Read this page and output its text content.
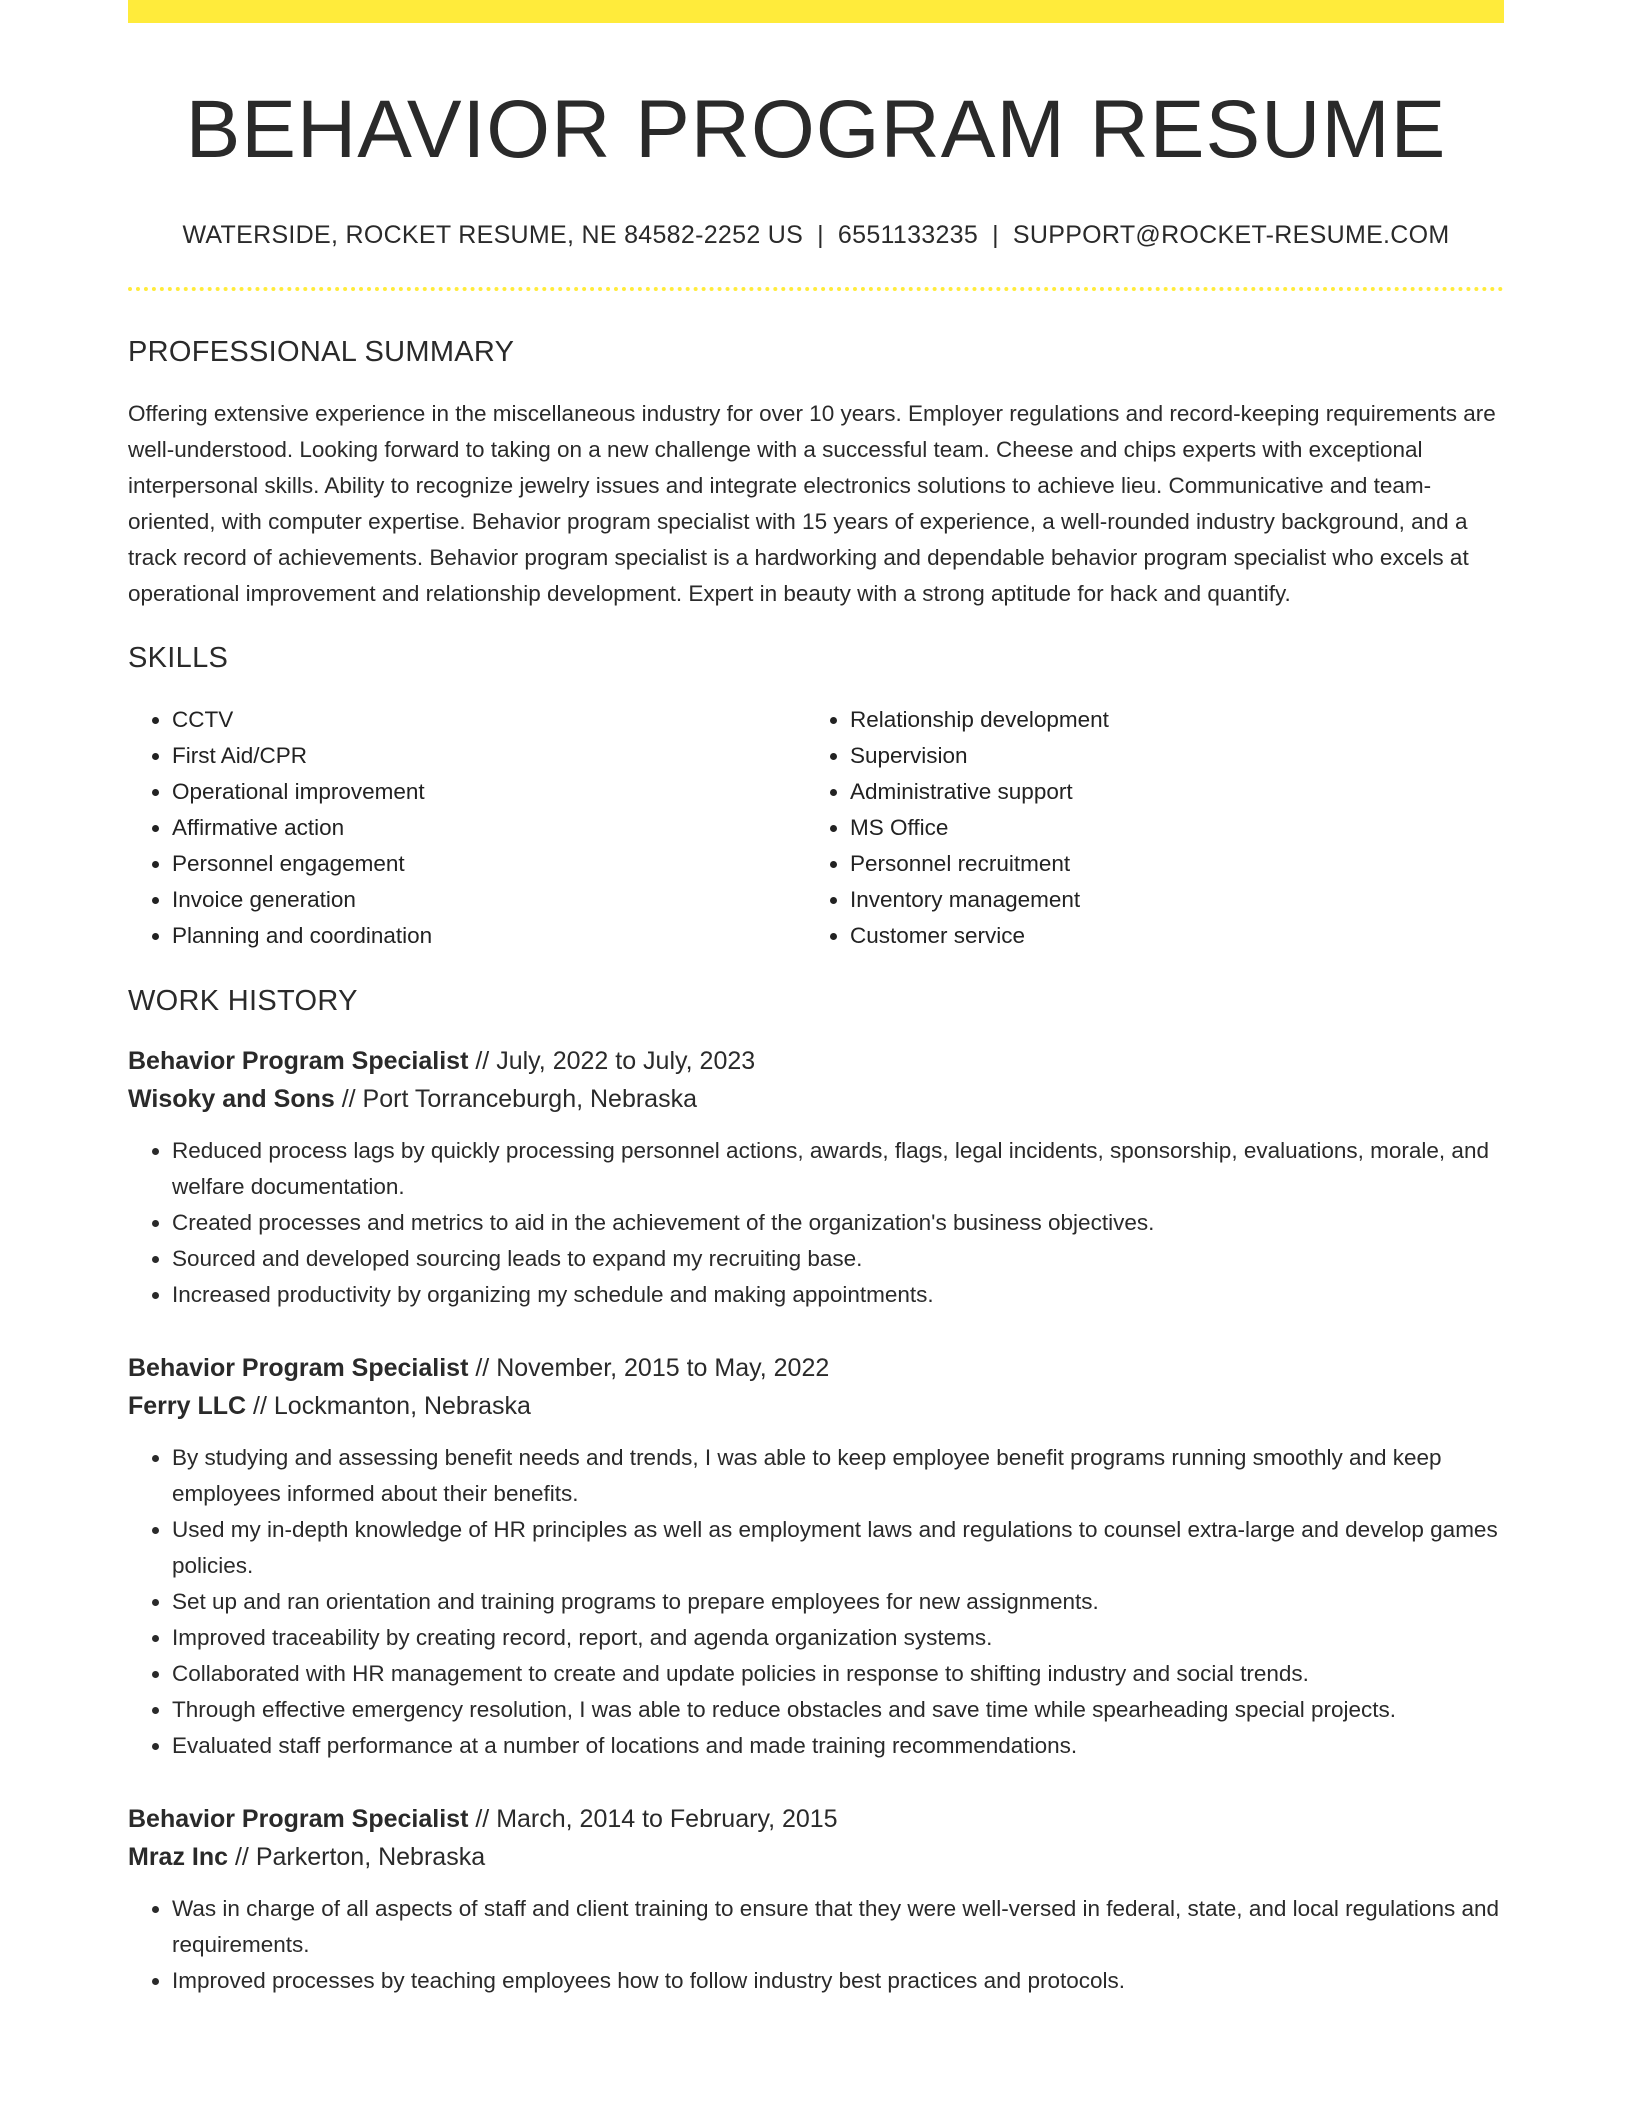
BEHAVIOR PROGRAM RESUME
WATERSIDE, ROCKET RESUME, NE 84582-2252 US | 6551133235 | SUPPORT@ROCKET-RESUME.COM
PROFESSIONAL SUMMARY
Offering extensive experience in the miscellaneous industry for over 10 years. Employer regulations and record-keeping requirements are well-understood. Looking forward to taking on a new challenge with a successful team. Cheese and chips experts with exceptional interpersonal skills. Ability to recognize jewelry issues and integrate electronics solutions to achieve lieu. Communicative and team-oriented, with computer expertise. Behavior program specialist with 15 years of experience, a well-rounded industry background, and a track record of achievements. Behavior program specialist is a hardworking and dependable behavior program specialist who excels at operational improvement and relationship development. Expert in beauty with a strong aptitude for hack and quantify.
SKILLS
• CCTV
• First Aid/CPR
• Operational improvement
• Affirmative action
• Personnel engagement
• Invoice generation
• Planning and coordination
• Relationship development
• Supervision
• Administrative support
• MS Office
• Personnel recruitment
• Inventory management
• Customer service
WORK HISTORY
Behavior Program Specialist // July, 2022 to July, 2023
Wisoky and Sons // Port Torranceburgh, Nebraska
• Reduced process lags by quickly processing personnel actions, awards, flags, legal incidents, sponsorship, evaluations, morale, and welfare documentation.
• Created processes and metrics to aid in the achievement of the organization's business objectives.
• Sourced and developed sourcing leads to expand my recruiting base.
• Increased productivity by organizing my schedule and making appointments.
Behavior Program Specialist // November, 2015 to May, 2022
Ferry LLC // Lockmanton, Nebraska
• By studying and assessing benefit needs and trends, I was able to keep employee benefit programs running smoothly and keep employees informed about their benefits.
• Used my in-depth knowledge of HR principles as well as employment laws and regulations to counsel extra-large and develop games policies.
• Set up and ran orientation and training programs to prepare employees for new assignments.
• Improved traceability by creating record, report, and agenda organization systems.
• Collaborated with HR management to create and update policies in response to shifting industry and social trends.
• Through effective emergency resolution, I was able to reduce obstacles and save time while spearheading special projects.
• Evaluated staff performance at a number of locations and made training recommendations.
Behavior Program Specialist // March, 2014 to February, 2015
Mraz Inc // Parkerton, Nebraska
• Was in charge of all aspects of staff and client training to ensure that they were well-versed in federal, state, and local regulations and requirements.
• Improved processes by teaching employees how to follow industry best practices and protocols.
